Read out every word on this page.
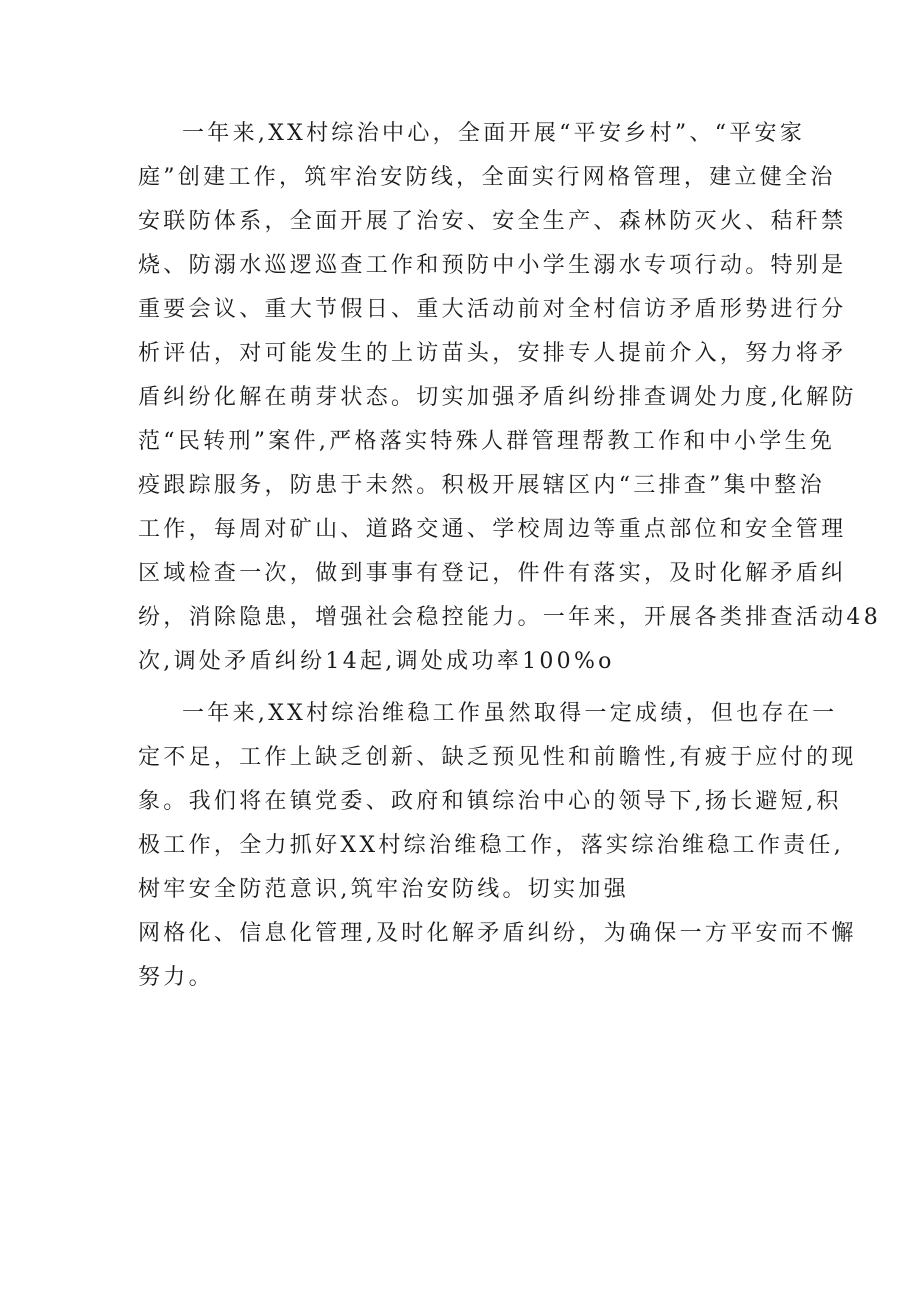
一年来,XX村综治中心，全面开展“平安乡村”、“平安家
庭”创建工作，筑牢治安防线，全面实行网格管理，建立健全治
安联防体系，全面开展了治安、安全生产、森林防灭火、秸秆禁
烧、防溺水巡逻巡查工作和预防中小学生溺水专项行动。特别是
重要会议、重大节假日、重大活动前对全村信访矛盾形势进行分
析评估，对可能发生的上访苗头，安排专人提前介入，努力将矛
盾纠纷化解在萌芽状态。切实加强矛盾纠纷排查调处力度,化解防
范“民转刑”案件,严格落实特殊人群管理帮教工作和中小学生免
疫跟踪服务，防患于未然。积极开展辖区内“三排查”集中整治
工作，每周对矿山、道路交通、学校周边等重点部位和安全管理
区域检查一次，做到事事有登记，件件有落实，及时化解矛盾纠
纷，消除隐患，增强社会稳控能力。一年来，开展各类排查活动48
次,调处矛盾纠纷14起,调处成功率100%o
一年来,XX村综治维稳工作虽然取得一定成绩，但也存在一
定不足，工作上缺乏创新、缺乏预见性和前瞻性,有疲于应付的现
象。我们将在镇党委、政府和镇综治中心的领导下,扬长避短,积
极工作，全力抓好XX村综治维稳工作，落实综治维稳工作责任,
树牢安全防范意识,筑牢治安防线。切实加强
网格化、信息化管理,及时化解矛盾纠纷，为确保一方平安而不懈
努力。
